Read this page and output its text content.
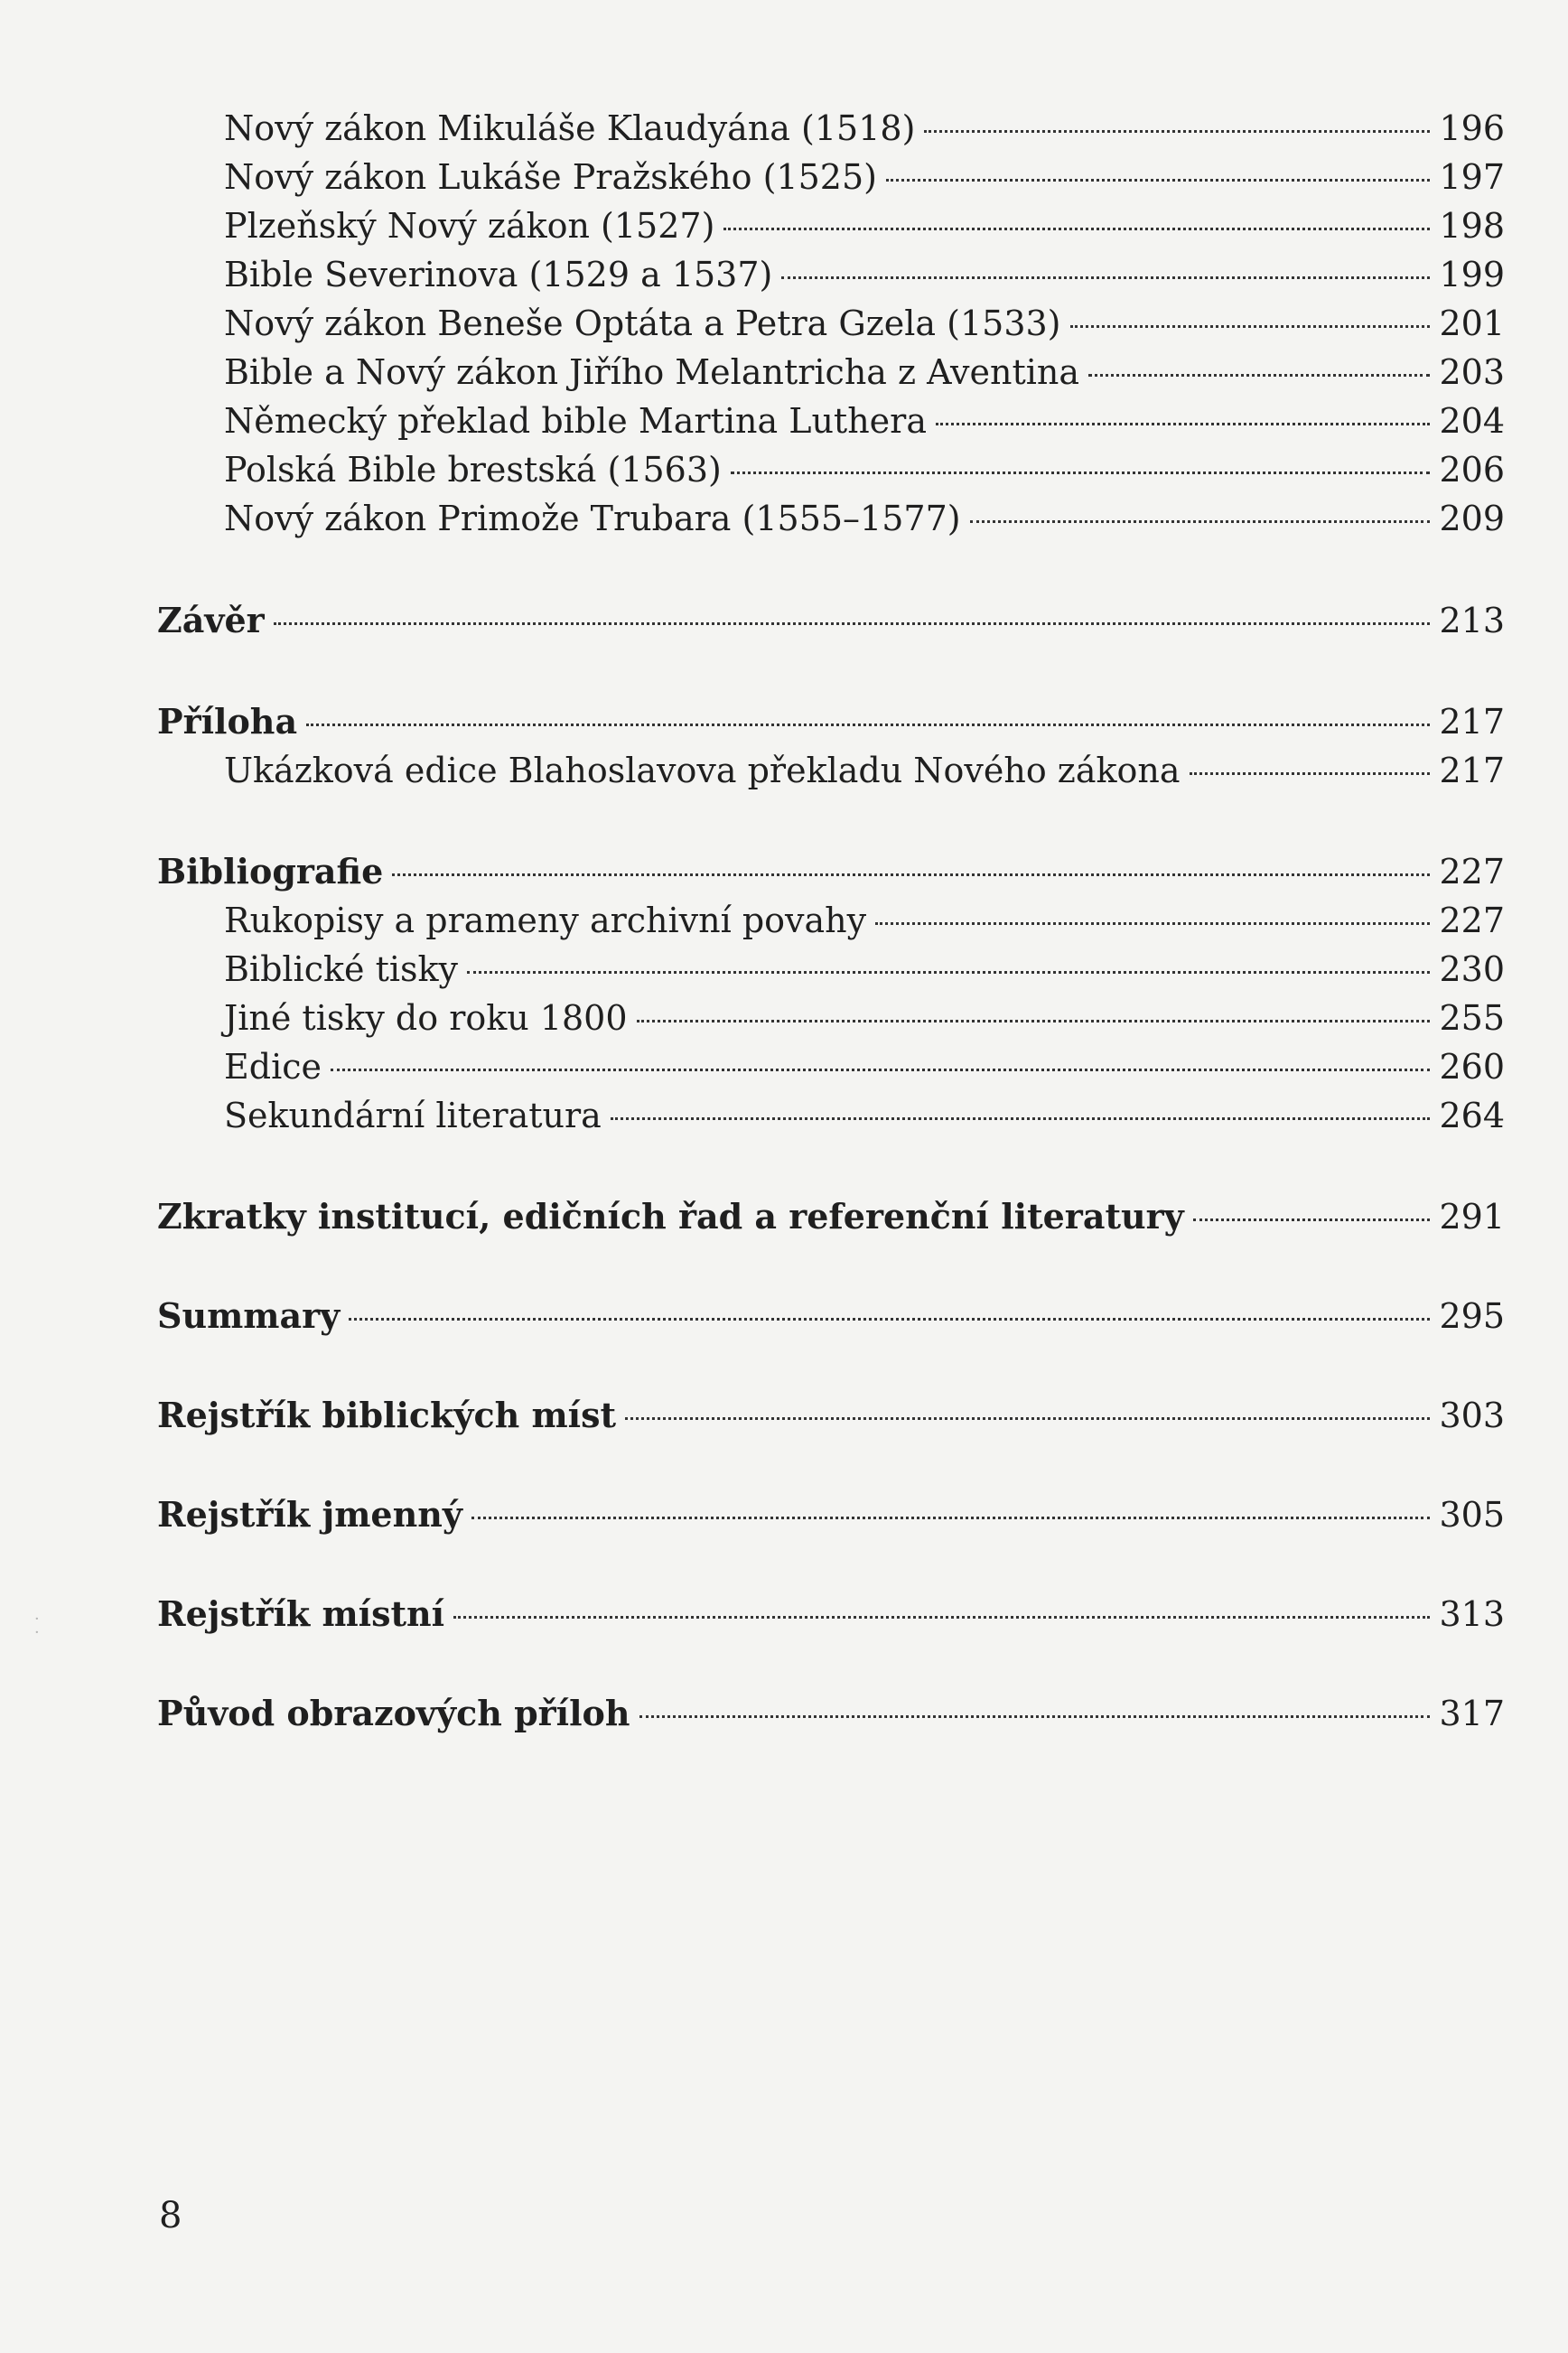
Nový zákon Mikuláše Klaudyána (1518)	196
Nový zákon Lukáše Pražského (1525)	197
Plzeňský Nový zákon (1527)	198
Bible Severinova (1529 a 1537)	199
Nový zákon Beneše Optáta a Petra Gzela (1533)	201
Bible a Nový zákon Jiřího Melantricha z Aventina	203
Německý překlad bible Martina Luthera	204
Polská Bible brestská (1563)	206
Nový zákon Primože Trubara (1555–1577)	209
Závěr	213
Příloha	217
Ukázková edice Blahoslavova překladu Nového zákona	217
Bibliografie	227
Rukopisy a prameny archivní povahy	227
Biblické tisky	230
Jiné tisky do roku 1800	255
Edice	260
Sekundární literatura	264
Zkratky institucí, edičních řad a referenční literatury	291
Summary	295
Rejstřík biblických míst	303
Rejstřík jmenný	305
Rejstřík místní	313
Původ obrazových příloh	317
·
·
8
